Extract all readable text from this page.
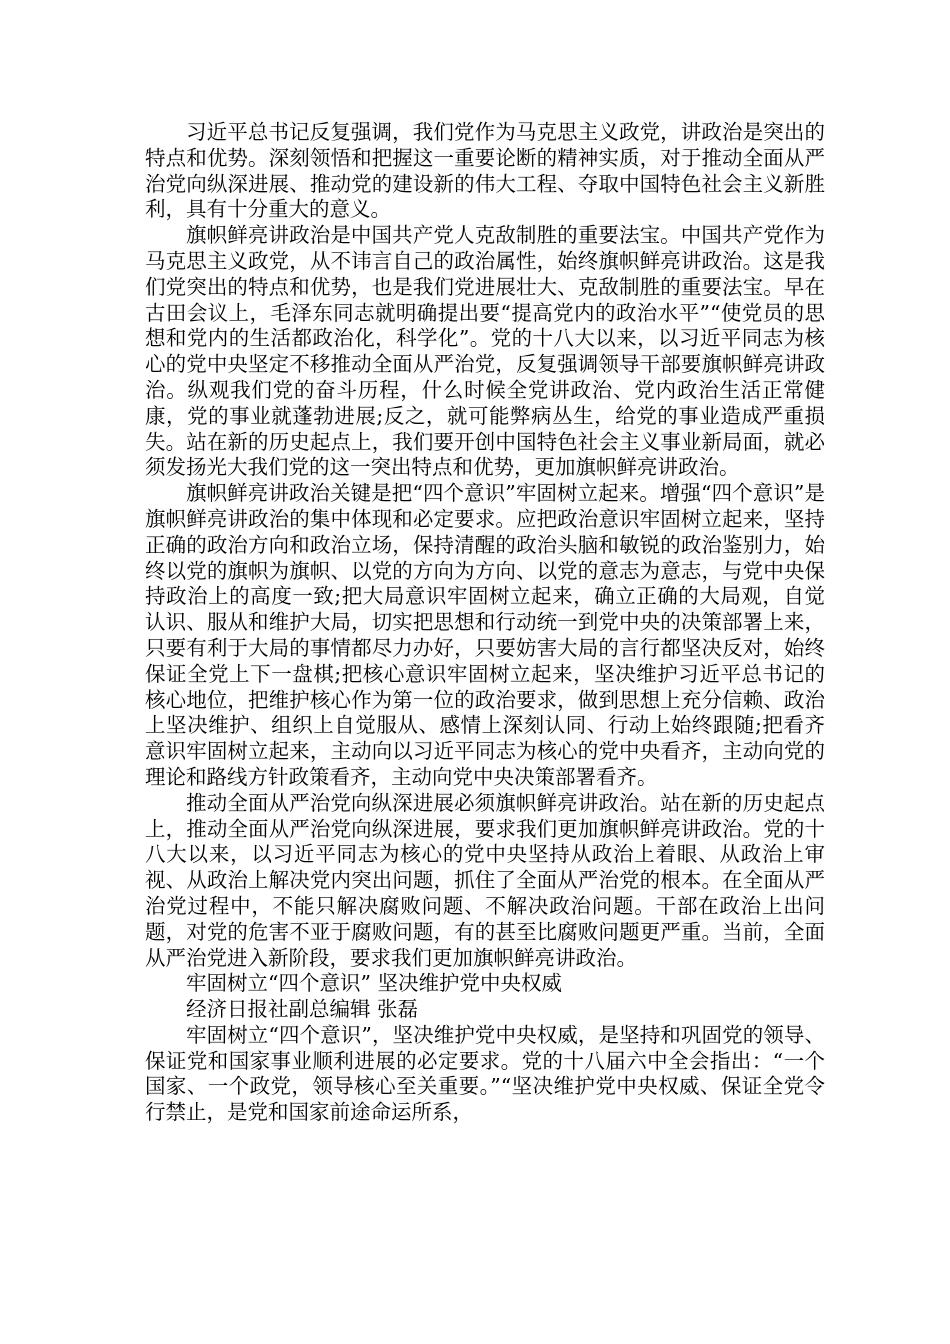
习近平总书记反复强调，我们党作为马克思主义政党，讲政治是突出的特点和优势。深刻领悟和把握这一重要论断的精神实质，对于推动全面从严治党向纵深进展、推动党的建设新的伟大工程、夺取中国特色社会主义新胜利，具有十分重大的意义。

旗帜鲜亮讲政治是中国共产党人克敌制胜的重要法宝。中国共产党作为马克思主义政党，从不讳言自己的政治属性，始终旗帜鲜亮讲政治。这是我们党突出的特点和优势，也是我们党进展壮大、克敌制胜的重要法宝。早在古田会议上，毛泽东同志就明确提出要“提高党内的政治水平”“使党员的思想和党内的生活都政治化，科学化”。党的十八大以来，以习近平同志为核心的党中央坚定不移推动全面从严治党，反复强调领导干部要旗帜鲜亮讲政治。纵观我们党的奋斗历程，什么时候全党讲政治、党内政治生活正常健康，党的事业就蓬勃进展;反之，就可能弊病丛生，给党的事业造成严重损失。站在新的历史起点上，我们要开创中国特色社会主义事业新局面，就必须发扬光大我们党的这一突出特点和优势，更加旗帜鲜亮讲政治。

旗帜鲜亮讲政治关键是把“四个意识”牢固树立起来。增强“四个意识”是旗帜鲜亮讲政治的集中体现和必定要求。应把政治意识牢固树立起来，坚持正确的政治方向和政治立场，保持清醒的政治头脑和敏锐的政治鉴别力，始终以党的旗帜为旗帜、以党的方向为方向、以党的意志为意志，与党中央保持政治上的高度一致;把大局意识牢固树立起来，确立正确的大局观，自觉认识、服从和维护大局，切实把思想和行动统一到党中央的决策部署上来，只要有利于大局的事情都尽力办好，只要妨害大局的言行都坚决反对，始终保证全党上下一盘棋;把核心意识牢固树立起来，坚决维护习近平总书记的核心地位，把维护核心作为第一位的政治要求，做到思想上充分信赖、政治上坚决维护、组织上自觉服从、感情上深刻认同、行动上始终跟随;把看齐意识牢固树立起来，主动向以习近平同志为核心的党中央看齐，主动向党的理论和路线方针政策看齐，主动向党中央决策部署看齐。

推动全面从严治党向纵深进展必须旗帜鲜亮讲政治。站在新的历史起点上，推动全面从严治党向纵深进展，要求我们更加旗帜鲜亮讲政治。党的十八大以来，以习近平同志为核心的党中央坚持从政治上着眼、从政治上审视、从政治上解决党内突出问题，抓住了全面从严治党的根本。在全面从严治党过程中，不能只解决腐败问题、不解决政治问题。干部在政治上出问题，对党的危害不亚于腐败问题，有的甚至比腐败问题更严重。当前，全面从严治党进入新阶段，要求我们更加旗帜鲜亮讲政治。

牢固树立“四个意识” 坚决维护党中央权威

经济日报社副总编辑 张磊

牢固树立“四个意识”，坚决维护党中央权威，是坚持和巩固党的领导、保证党和国家事业顺利进展的必定要求。党的十八届六中全会指出：“一个国家、一个政党，领导核心至关重要。”“坚决维护党中央权威、保证全党令行禁止，是党和国家前途命运所系，
